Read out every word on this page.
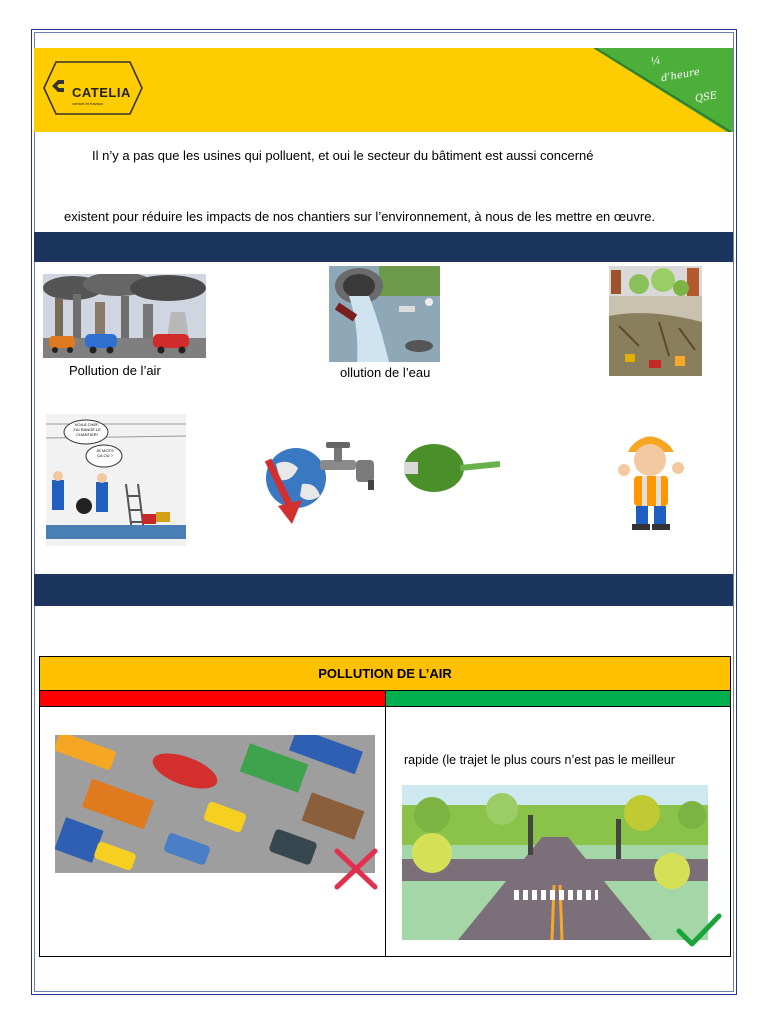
CATELIA
conseil et travaux
¼
d’heure
QSE

Il n’y a pas que les usines qui polluent, et oui le secteur du bâtiment est aussi concerné

existent pour réduire les impacts de nos chantiers sur l’environnement, à nous de les mettre en œuvre.

Pollution de l’air	ollution de l’eau
VOILÀ CHEF, J'AI RANGÉ LE CHANTIER!
JE MOTS ÇA OÙ ?
POLLUTION DE L’AIR

rapide (le trajet le plus cours n’est pas le meilleur
